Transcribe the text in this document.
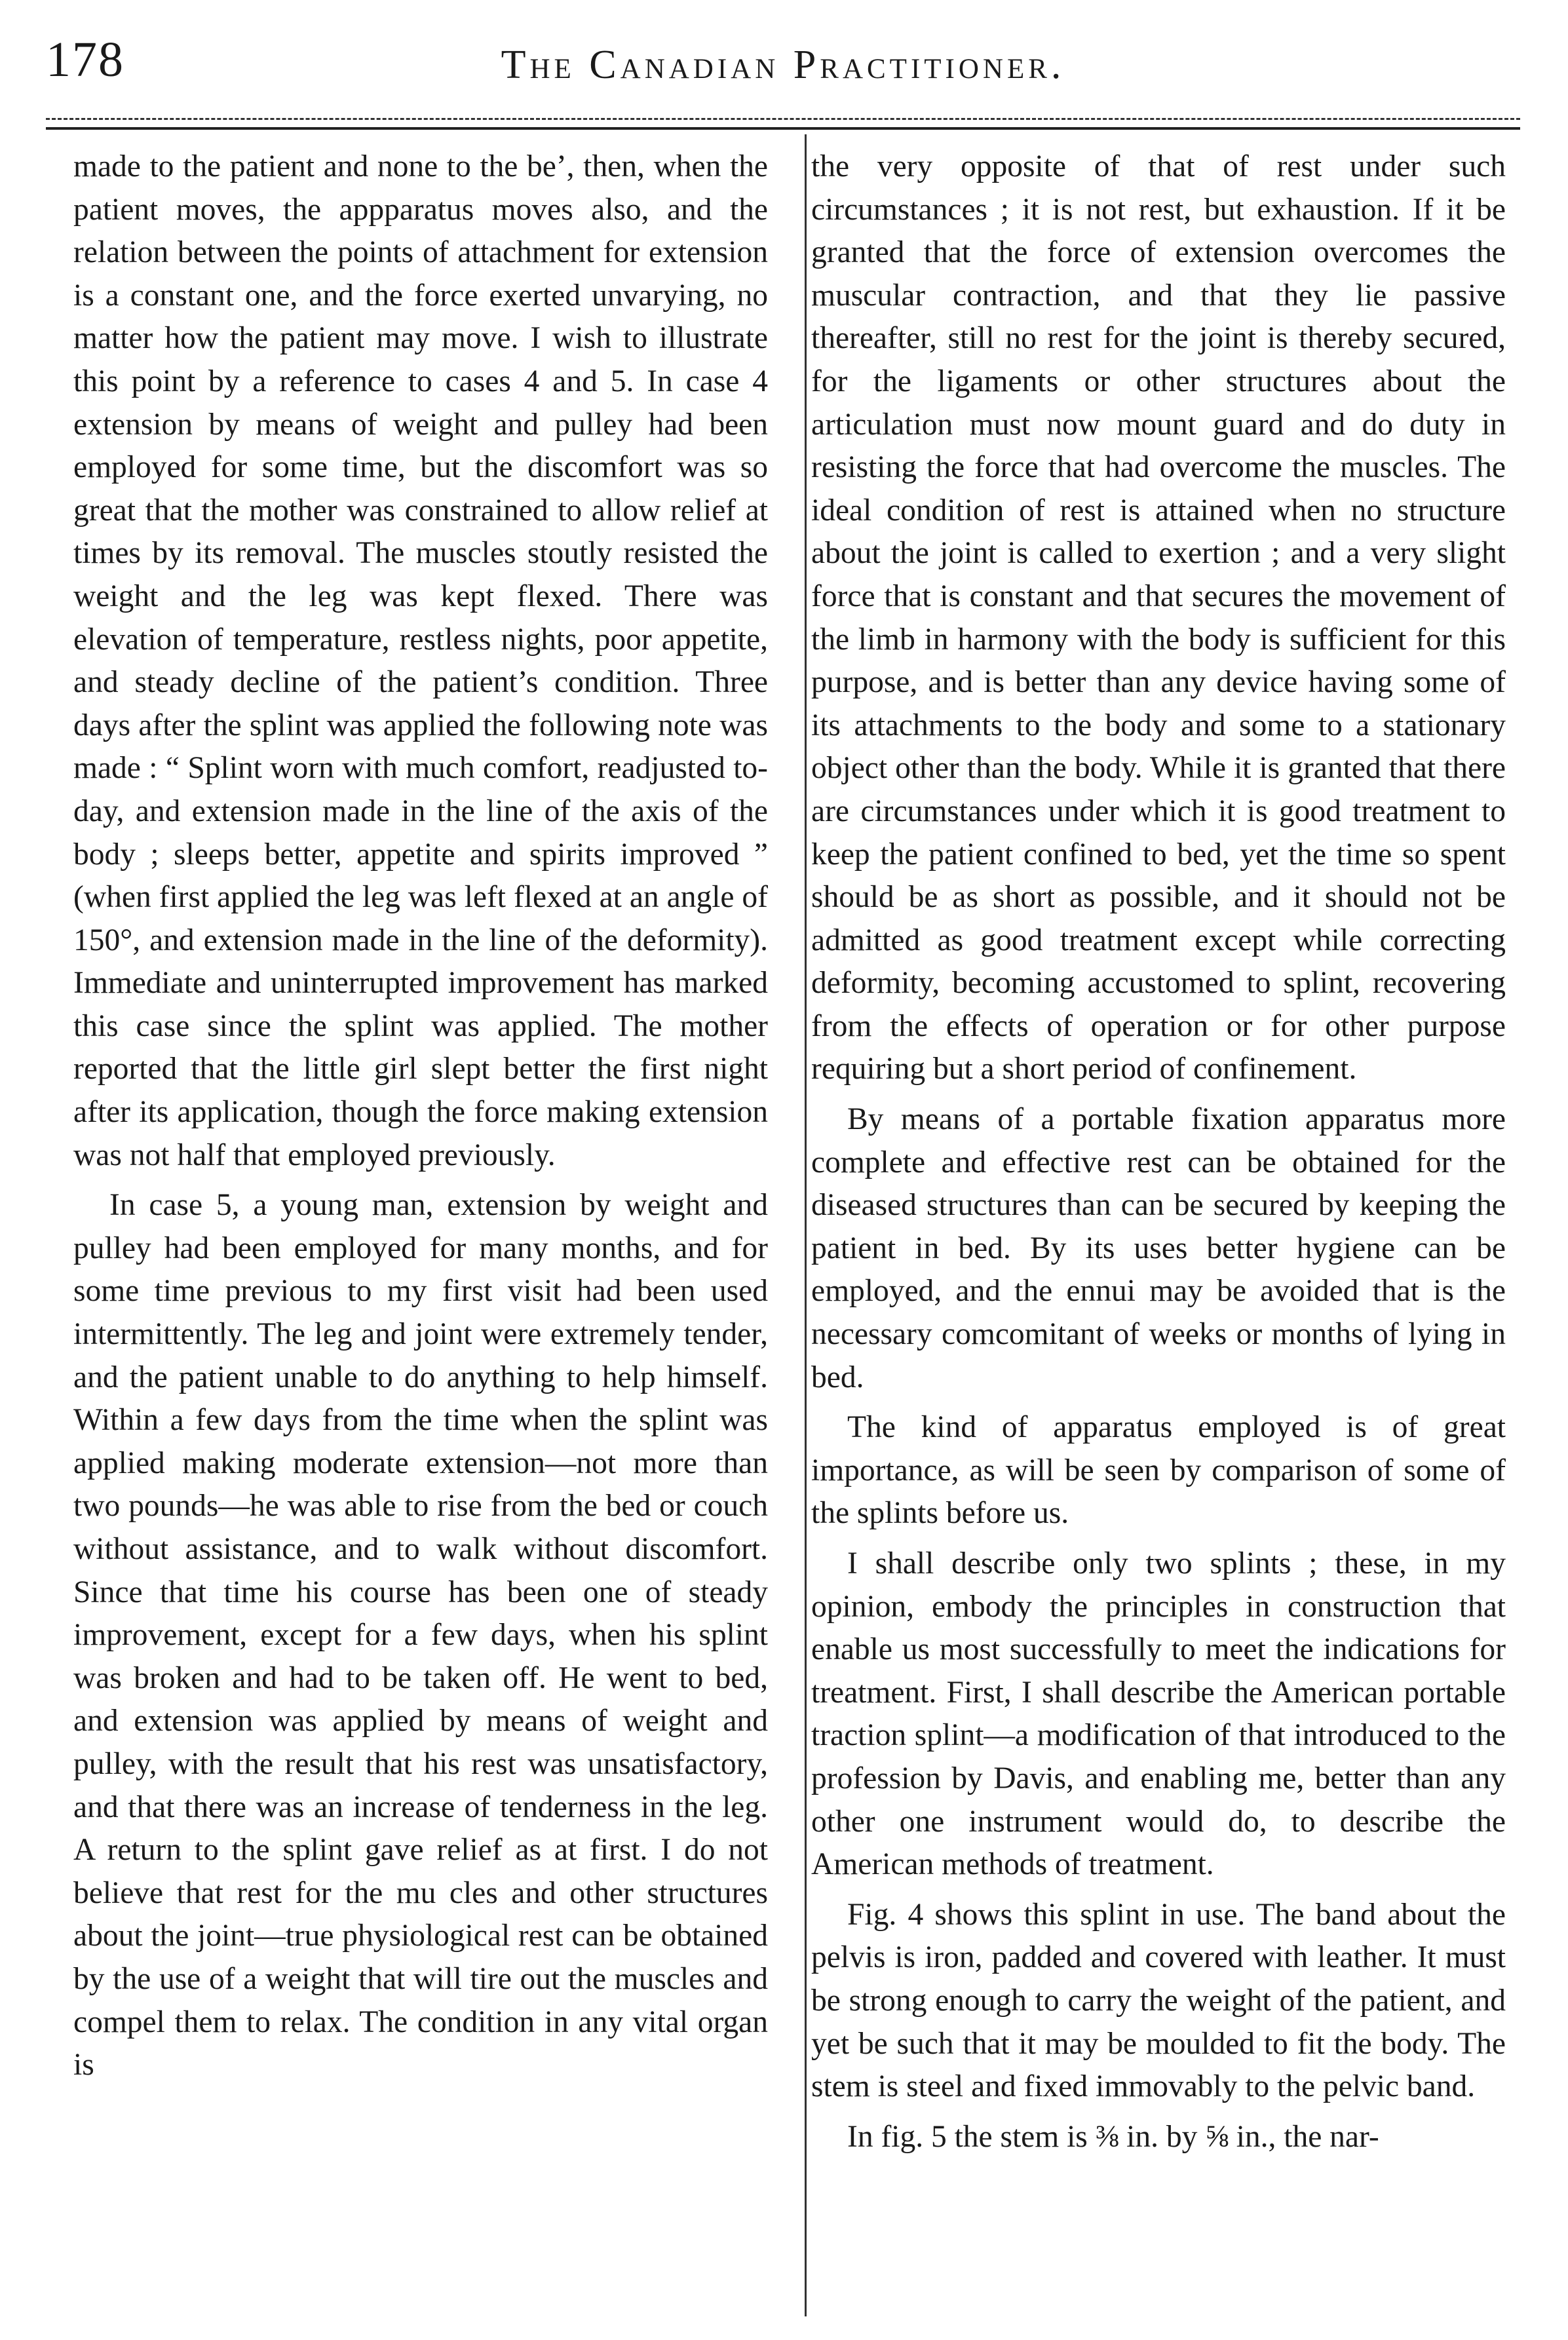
178	The Canadian Practitioner.

made to the patient and none to the be’, then, when the patient moves, the appparatus moves also, and the relation between the points of attachment for extension is a constant one, and the force exerted unvarying, no matter how the patient may move. I wish to illustrate this point by a reference to cases 4 and 5. In case 4 extension by means of weight and pulley had been employed for some time, but the discomfort was so great that the mother was constrained to allow relief at times by its removal. The muscles stoutly resisted the weight and the leg was kept flexed. There was elevation of temperature, restless nights, poor appetite, and steady decline of the patient’s condition. Three days after the splint was applied the following note was made : “ Splint worn with much comfort, readjusted to-day, and extension made in the line of the axis of the body ; sleeps better, appetite and spirits improved ” (when first applied the leg was left flexed at an angle of 150°, and extension made in the line of the deformity). Immediate and uninterrupted improvement has marked this case since the splint was applied. The mother reported that the little girl slept better the first night after its application, though the force making extension was not half that employed previously.

In case 5, a young man, extension by weight and pulley had been employed for many months, and for some time previous to my first visit had been used intermittently. The leg and joint were extremely tender, and the patient unable to do anything to help himself. Within a few days from the time when the splint was applied making moderate extension—not more than two pounds—he was able to rise from the bed or couch without assistance, and to walk without discomfort. Since that time his course has been one of steady improvement, except for a few days, when his splint was broken and had to be taken off. He went to bed, and extension was applied by means of weight and pulley, with the result that his rest was unsatisfactory, and that there was an increase of tenderness in the leg. A return to the splint gave relief as at first. I do not believe that rest for the mu cles and other structures about the joint—true physiological rest can be obtained by the use of a weight that will tire out the muscles and compel them to relax. The condition in any vital organ is

the very opposite of that of rest under such circumstances ; it is not rest, but exhaustion. If it be granted that the force of extension overcomes the muscular contraction, and that they lie passive thereafter, still no rest for the joint is thereby secured, for the ligaments or other structures about the articulation must now mount guard and do duty in resisting the force that had overcome the muscles. The ideal condition of rest is attained when no structure about the joint is called to exertion ; and a very slight force that is constant and that secures the movement of the limb in harmony with the body is sufficient for this purpose, and is better than any device having some of its attachments to the body and some to a stationary object other than the body. While it is granted that there are circumstances under which it is good treatment to keep the patient confined to bed, yet the time so spent should be as short as possible, and it should not be admitted as good treatment except while correcting deformity, becoming accustomed to splint, recovering from the effects of operation or for other purpose requiring but a short period of confinement.

By means of a portable fixation apparatus more complete and effective rest can be obtained for the diseased structures than can be secured by keeping the patient in bed. By its uses better hygiene can be employed, and the ennui may be avoided that is the necessary comcomitant of weeks or months of lying in bed.

The kind of apparatus employed is of great importance, as will be seen by comparison of some of the splints before us.

I shall describe only two splints ; these, in my opinion, embody the principles in construction that enable us most successfully to meet the indications for treatment. First, I shall describe the American portable traction splint—a modification of that introduced to the profession by Davis, and enabling me, better than any other one instrument would do, to describe the American methods of treatment.

Fig. 4 shows this splint in use. The band about the pelvis is iron, padded and covered with leather. It must be strong enough to carry the weight of the patient, and yet be such that it may be moulded to fit the body. The stem is steel and fixed immovably to the pelvic band.

In fig. 5 the stem is ⅜ in. by ⅝ in., the nar-
